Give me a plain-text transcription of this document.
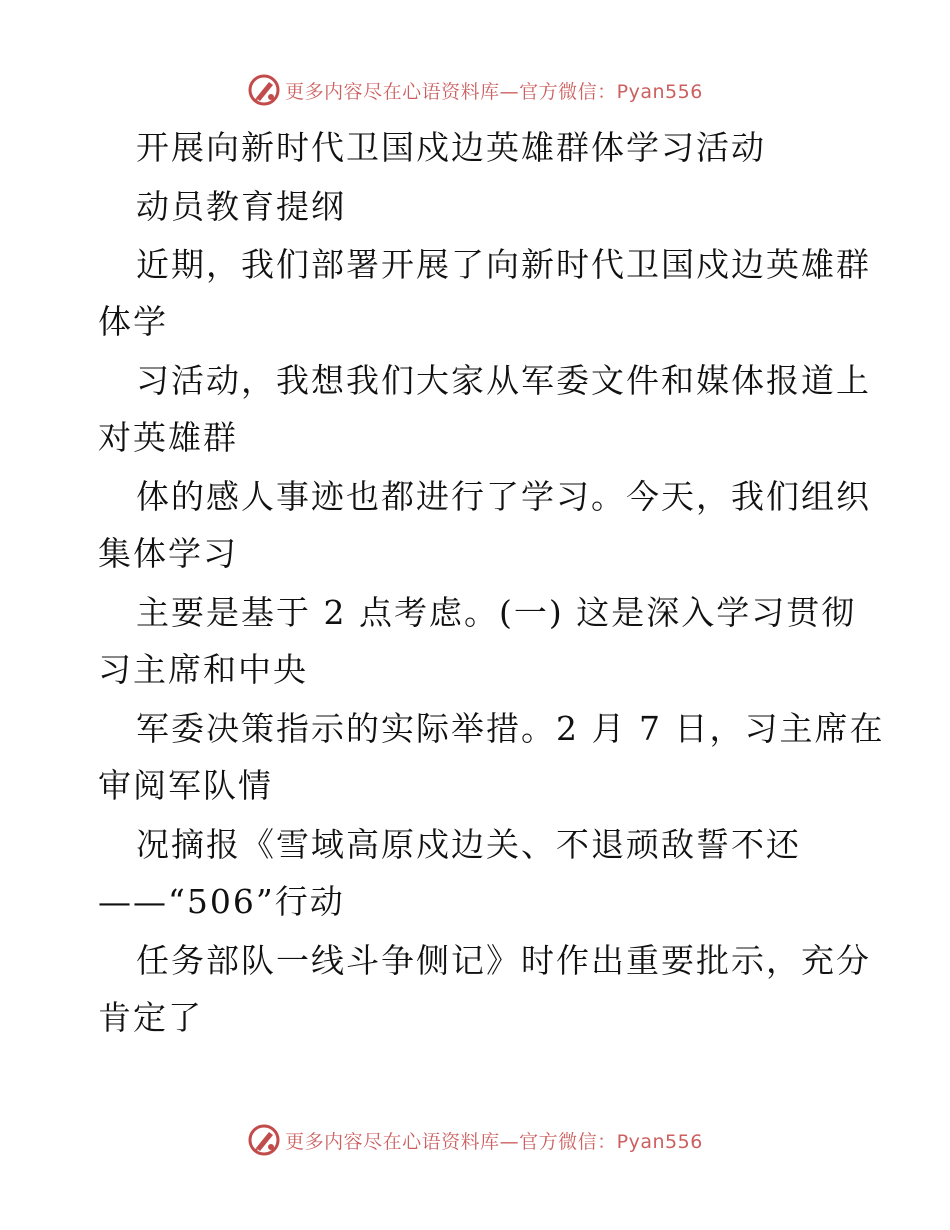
更多内容尽在心语资料库—官方微信：Pyan556
开展向新时代卫国戍边英雄群体学习活动
动员教育提纲
近期，我们部署开展了向新时代卫国戍边英雄群
体学
习活动，我想我们大家从军委文件和媒体报道上
对英雄群
体的感人事迹也都进行了学习。今天，我们组织
集体学习
主要是基于 2 点考虑。(一) 这是深入学习贯彻
习主席和中央
军委决策指示的实际举措。2 月 7 日，习主席在
审阅军队情
况摘报《雪域高原戍边关、不退顽敌誓不还
——“506”行动
任务部队一线斗争侧记》时作出重要批示，充分
肯定了
更多内容尽在心语资料库—官方微信：Pyan556
